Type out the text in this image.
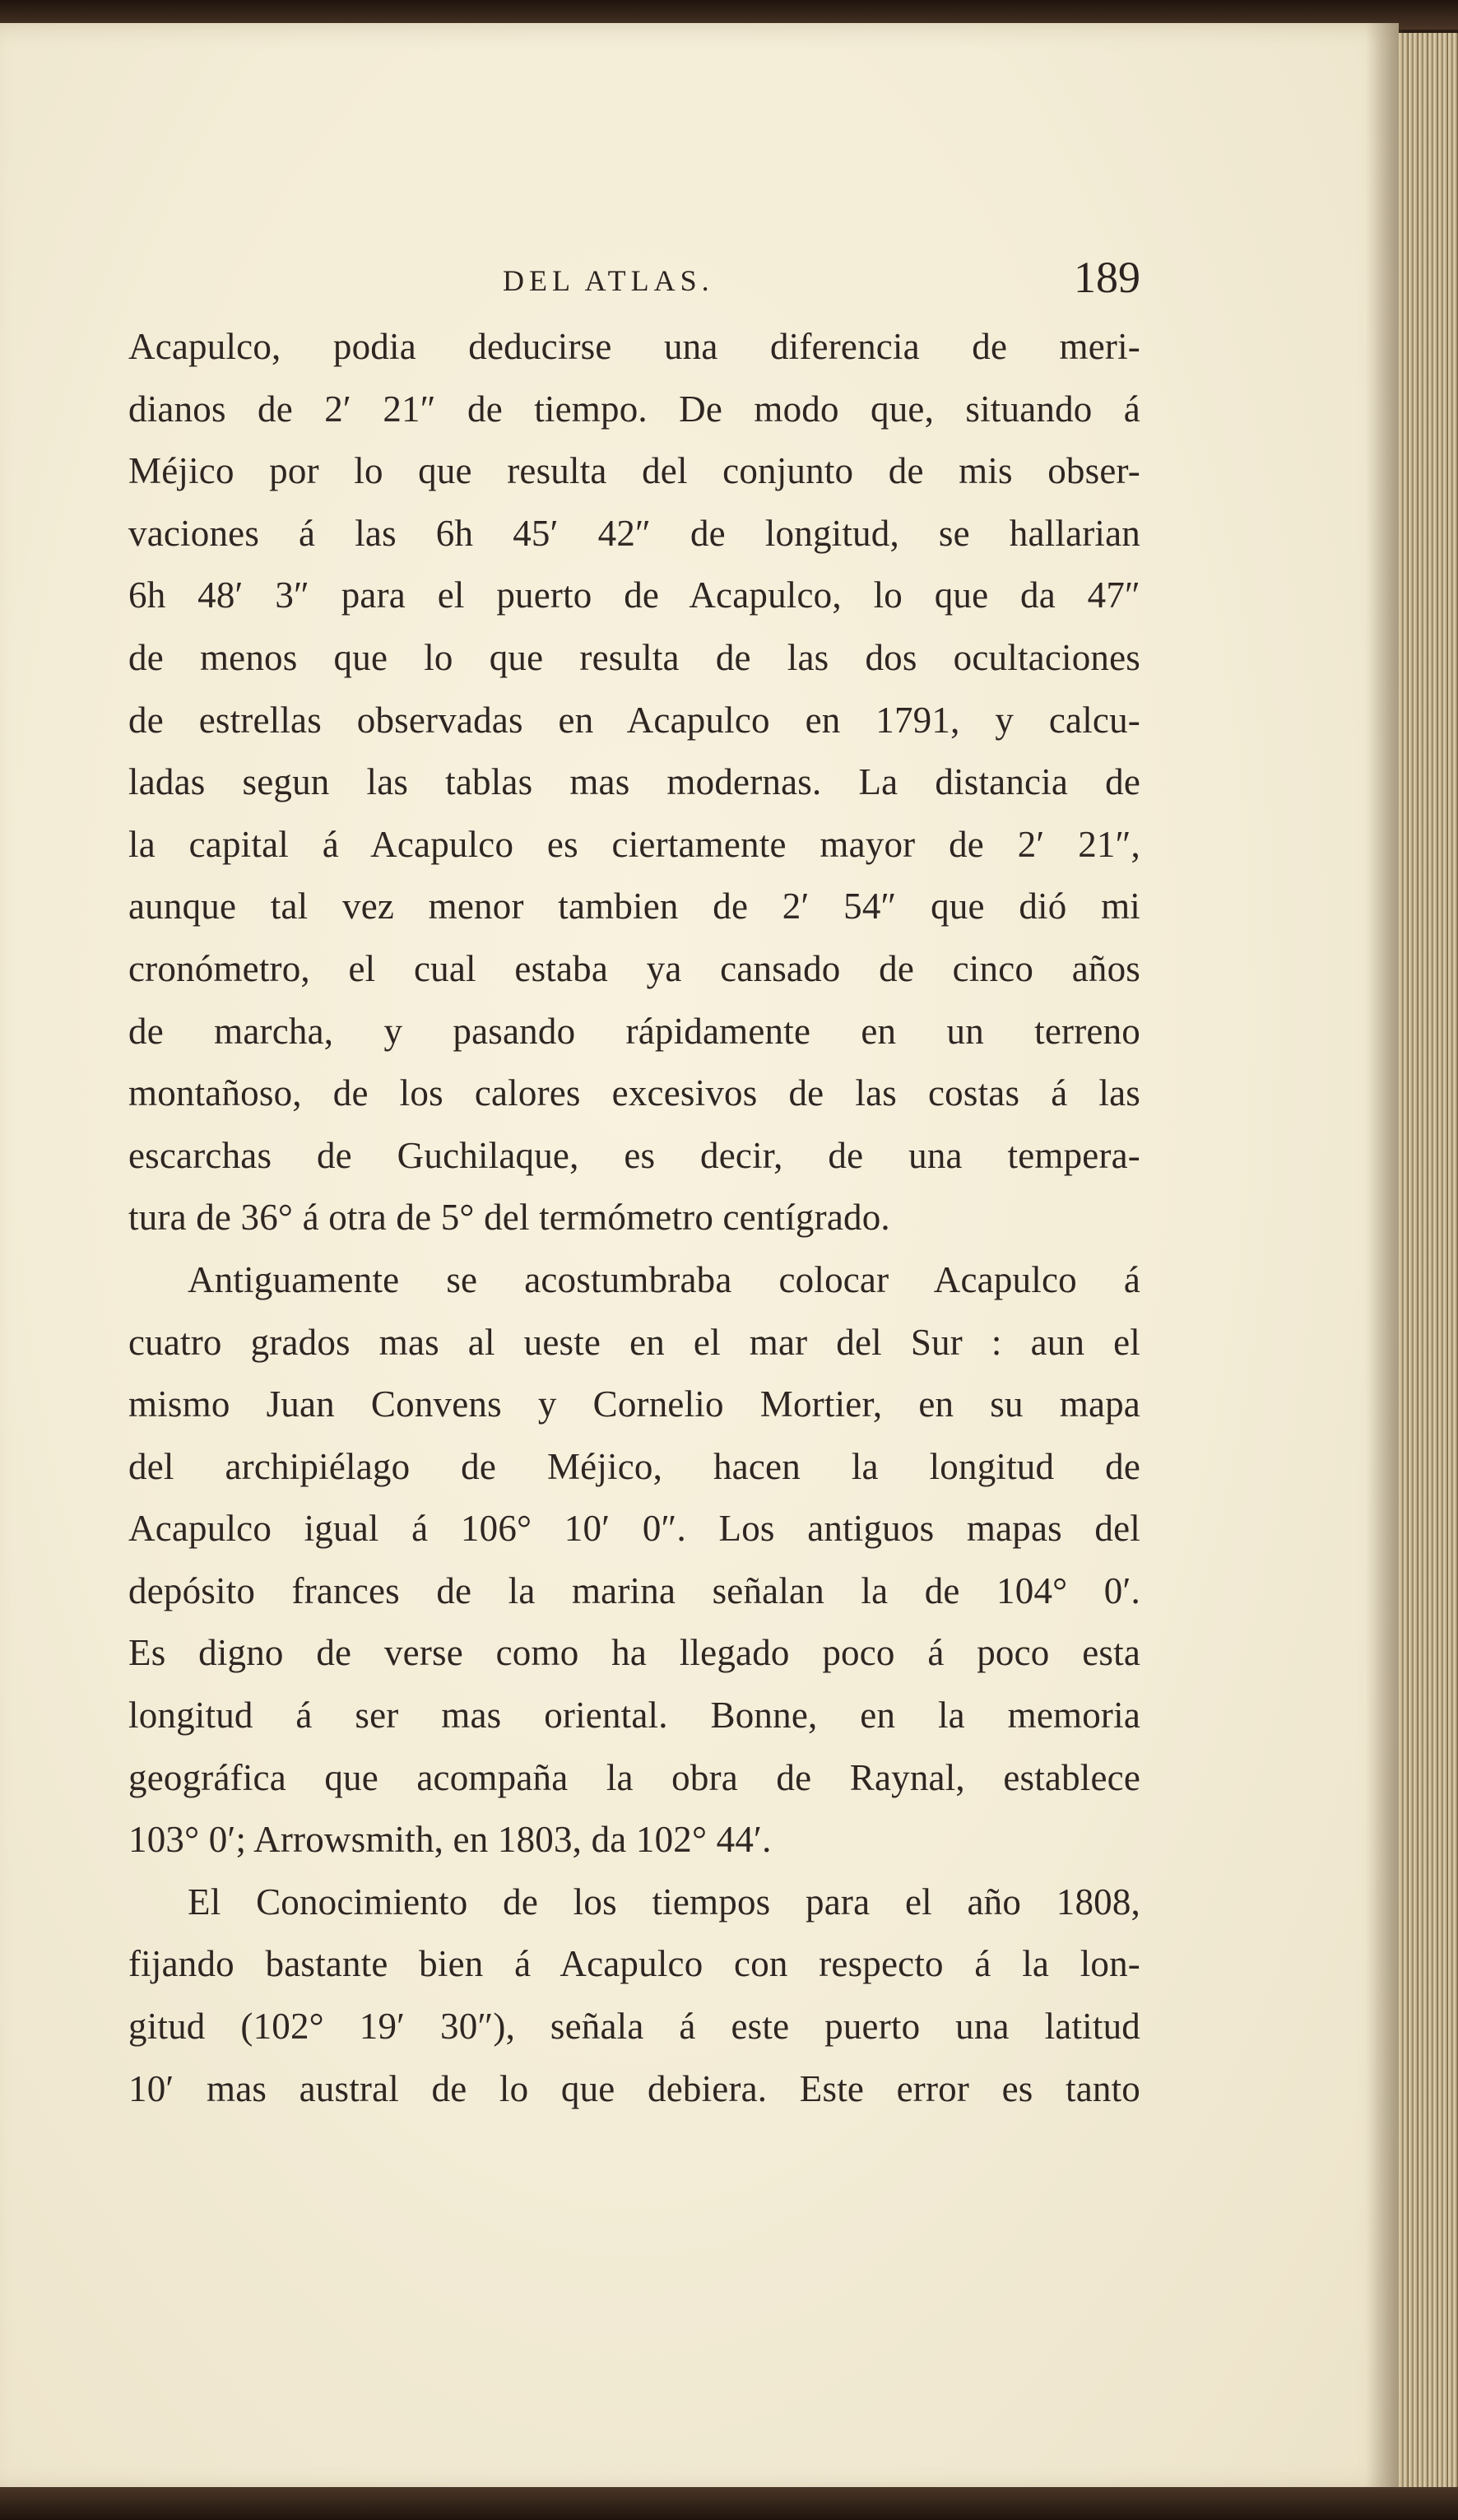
DEL ATLAS.	189
Acapulco, podia deducirse una diferencia de meri-
dianos de 2′ 21″ de tiempo. De modo que, situando á
Méjico por lo que resulta del conjunto de mis obser-
vaciones á las 6h 45′ 42″ de longitud, se hallarian
6h 48′ 3″ para el puerto de Acapulco, lo que da 47″
de menos que lo que resulta de las dos ocultaciones
de estrellas observadas en Acapulco en 1791, y calcu-
ladas segun las tablas mas modernas. La distancia de
la capital á Acapulco es ciertamente mayor de 2′ 21″,
aunque tal vez menor tambien de 2′ 54″ que dió mi
cronómetro, el cual estaba ya cansado de cinco años
de marcha, y pasando rápidamente en un terreno
montañoso, de los calores excesivos de las costas á las
escarchas de Guchilaque, es decir, de una tempera-
tura de 36° á otra de 5° del termómetro centígrado.
Antiguamente se acostumbraba colocar Acapulco á
cuatro grados mas al ueste en el mar del Sur : aun el
mismo Juan Convens y Cornelio Mortier, en su mapa
del archipiélago de Méjico, hacen la longitud de
Acapulco igual á 106° 10′ 0″. Los antiguos mapas del
depósito frances de la marina señalan la de 104° 0′.
Es digno de verse como ha llegado poco á poco esta
longitud á ser mas oriental. Bonne, en la memoria
geográfica que acompaña la obra de Raynal, establece
103° 0′; Arrowsmith, en 1803, da 102° 44′.
El Conocimiento de los tiempos para el año 1808,
fijando bastante bien á Acapulco con respecto á la lon-
gitud (102° 19′ 30″), señala á este puerto una latitud
10′ mas austral de lo que debiera. Este error es tanto
